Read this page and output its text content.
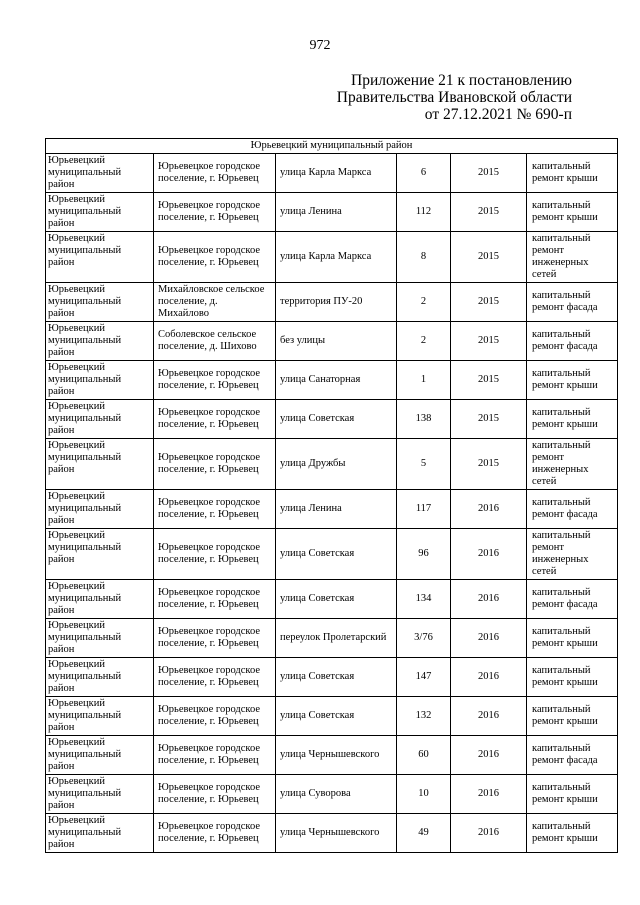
972
Приложение 21 к постановлению
Правительства Ивановской области
от 27.12.2021 № 690-п
Юрьевецкий муниципальный район					
Юрьевецкий муниципальный район	Юрьевецкое городское поселение, г. Юрьевец	улица Карла Маркса	6	2015	капитальный ремонт крыши
Юрьевецкий муниципальный район	Юрьевецкое городское поселение, г. Юрьевец	улица Ленина	112	2015	капитальный ремонт крыши
Юрьевецкий муниципальный район	Юрьевецкое городское поселение, г. Юрьевец	улица Карла Маркса	8	2015	капитальный ремонт инженерных сетей
Юрьевецкий муниципальный район	Михайловское сельское поселение, д. Михайлово	территория ПУ-20	2	2015	капитальный ремонт фасада
Юрьевецкий муниципальный район	Соболевское сельское поселение, д. Шихово	без улицы	2	2015	капитальный ремонт фасада
Юрьевецкий муниципальный район	Юрьевецкое городское поселение, г. Юрьевец	улица Санаторная	1	2015	капитальный ремонт крыши
Юрьевецкий муниципальный район	Юрьевецкое городское поселение, г. Юрьевец	улица Советская	138	2015	капитальный ремонт крыши
Юрьевецкий муниципальный район	Юрьевецкое городское поселение, г. Юрьевец	улица Дружбы	5	2015	капитальный ремонт инженерных сетей
Юрьевецкий муниципальный район	Юрьевецкое городское поселение, г. Юрьевец	улица Ленина	117	2016	капитальный ремонт фасада
Юрьевецкий муниципальный район	Юрьевецкое городское поселение, г. Юрьевец	улица Советская	96	2016	капитальный ремонт инженерных сетей
Юрьевецкий муниципальный район	Юрьевецкое городское поселение, г. Юрьевец	улица Советская	134	2016	капитальный ремонт фасада
Юрьевецкий муниципальный район	Юрьевецкое городское поселение, г. Юрьевец	переулок Пролетарский	3/76	2016	капитальный ремонт крыши
Юрьевецкий муниципальный район	Юрьевецкое городское поселение, г. Юрьевец	улица Советская	147	2016	капитальный ремонт крыши
Юрьевецкий муниципальный район	Юрьевецкое городское поселение, г. Юрьевец	улица Советская	132	2016	капитальный ремонт крыши
Юрьевецкий муниципальный район	Юрьевецкое городское поселение, г. Юрьевец	улица Чернышевского	60	2016	капитальный ремонт фасада
Юрьевецкий муниципальный район	Юрьевецкое городское поселение, г. Юрьевец	улица Суворова	10	2016	капитальный ремонт крыши
Юрьевецкий муниципальный район	Юрьевецкое городское поселение, г. Юрьевец	улица Чернышевского	49	2016	капитальный ремонт крыши
